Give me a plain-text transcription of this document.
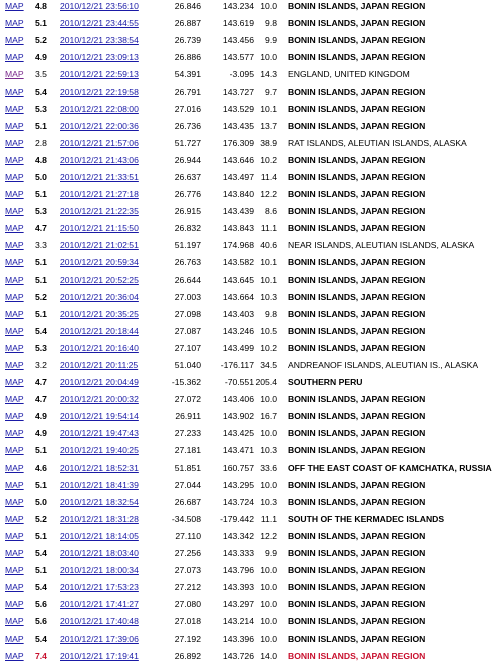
MAP	4.8	2010/12/21 23:56:10	26.846	143.234	10.0		BONIN ISLANDS, JAPAN REGION
MAP	5.1	2010/12/21 23:44:55	26.887	143.619	9.8		BONIN ISLANDS, JAPAN REGION
MAP	5.2	2010/12/21 23:38:54	26.739	143.456	9.9		BONIN ISLANDS, JAPAN REGION
MAP	4.9	2010/12/21 23:09:13	26.886	143.577	10.0		BONIN ISLANDS, JAPAN REGION
MAP	3.5	2010/12/21 22:59:13	54.391	-3.095	14.3		ENGLAND, UNITED KINGDOM
MAP	5.4	2010/12/21 22:19:58	26.791	143.727	9.7		BONIN ISLANDS, JAPAN REGION
MAP	5.3	2010/12/21 22:08:00	27.016	143.529	10.1		BONIN ISLANDS, JAPAN REGION
MAP	5.1	2010/12/21 22:00:36	26.736	143.435	13.7		BONIN ISLANDS, JAPAN REGION
MAP	2.8	2010/12/21 21:57:06	51.727	176.309	38.9		RAT ISLANDS, ALEUTIAN ISLANDS, ALASKA
MAP	4.8	2010/12/21 21:43:06	26.944	143.646	10.2		BONIN ISLANDS, JAPAN REGION
MAP	5.0	2010/12/21 21:33:51	26.637	143.497	11.4		BONIN ISLANDS, JAPAN REGION
MAP	5.1	2010/12/21 21:27:18	26.776	143.840	12.2		BONIN ISLANDS, JAPAN REGION
MAP	5.3	2010/12/21 21:22:35	26.915	143.439	8.6		BONIN ISLANDS, JAPAN REGION
MAP	4.7	2010/12/21 21:15:50	26.832	143.843	11.1		BONIN ISLANDS, JAPAN REGION
MAP	3.3	2010/12/21 21:02:51	51.197	174.968	40.6		NEAR ISLANDS, ALEUTIAN ISLANDS, ALASKA
MAP	5.1	2010/12/21 20:59:34	26.763	143.582	10.1		BONIN ISLANDS, JAPAN REGION
MAP	5.1	2010/12/21 20:52:25	26.644	143.645	10.1		BONIN ISLANDS, JAPAN REGION
MAP	5.2	2010/12/21 20:36:04	27.003	143.664	10.3		BONIN ISLANDS, JAPAN REGION
MAP	5.1	2010/12/21 20:35:25	27.098	143.403	9.8		BONIN ISLANDS, JAPAN REGION
MAP	5.4	2010/12/21 20:18:44	27.087	143.246	10.5		BONIN ISLANDS, JAPAN REGION
MAP	5.3	2010/12/21 20:16:40	27.107	143.499	10.2		BONIN ISLANDS, JAPAN REGION
MAP	3.2	2010/12/21 20:11:25	51.040	-176.117	34.5		ANDREANOF ISLANDS, ALEUTIAN IS., ALASKA
MAP	4.7	2010/12/21 20:04:49	-15.362	-70.551	205.4		SOUTHERN PERU
MAP	4.7	2010/12/21 20:00:32	27.072	143.406	10.0		BONIN ISLANDS, JAPAN REGION
MAP	4.9	2010/12/21 19:54:14	26.911	143.902	16.7		BONIN ISLANDS, JAPAN REGION
MAP	4.9	2010/12/21 19:47:43	27.233	143.425	10.0		BONIN ISLANDS, JAPAN REGION
MAP	5.1	2010/12/21 19:40:25	27.181	143.471	10.3		BONIN ISLANDS, JAPAN REGION
MAP	4.6	2010/12/21 18:52:31	51.851	160.757	33.6		OFF THE EAST COAST OF KAMCHATKA, RUSSIA
MAP	5.1	2010/12/21 18:41:39	27.044	143.295	10.0		BONIN ISLANDS, JAPAN REGION
MAP	5.0	2010/12/21 18:32:54	26.687	143.724	10.3		BONIN ISLANDS, JAPAN REGION
MAP	5.2	2010/12/21 18:31:28	-34.508	-179.442	11.1		SOUTH OF THE KERMADEC ISLANDS
MAP	5.1	2010/12/21 18:14:05	27.110	143.342	12.2		BONIN ISLANDS, JAPAN REGION
MAP	5.4	2010/12/21 18:03:40	27.256	143.333	9.9		BONIN ISLANDS, JAPAN REGION
MAP	5.1	2010/12/21 18:00:34	27.073	143.796	10.0		BONIN ISLANDS, JAPAN REGION
MAP	5.4	2010/12/21 17:53:23	27.212	143.393	10.0		BONIN ISLANDS, JAPAN REGION
MAP	5.6	2010/12/21 17:41:27	27.080	143.297	10.0		BONIN ISLANDS, JAPAN REGION
MAP	5.6	2010/12/21 17:40:48	27.018	143.214	10.0		BONIN ISLANDS, JAPAN REGION
MAP	5.4	2010/12/21 17:39:06	27.192	143.396	10.0		BONIN ISLANDS, JAPAN REGION
MAP	7.4	2010/12/21 17:19:41	26.892	143.726	14.0		BONIN ISLANDS, JAPAN REGION
